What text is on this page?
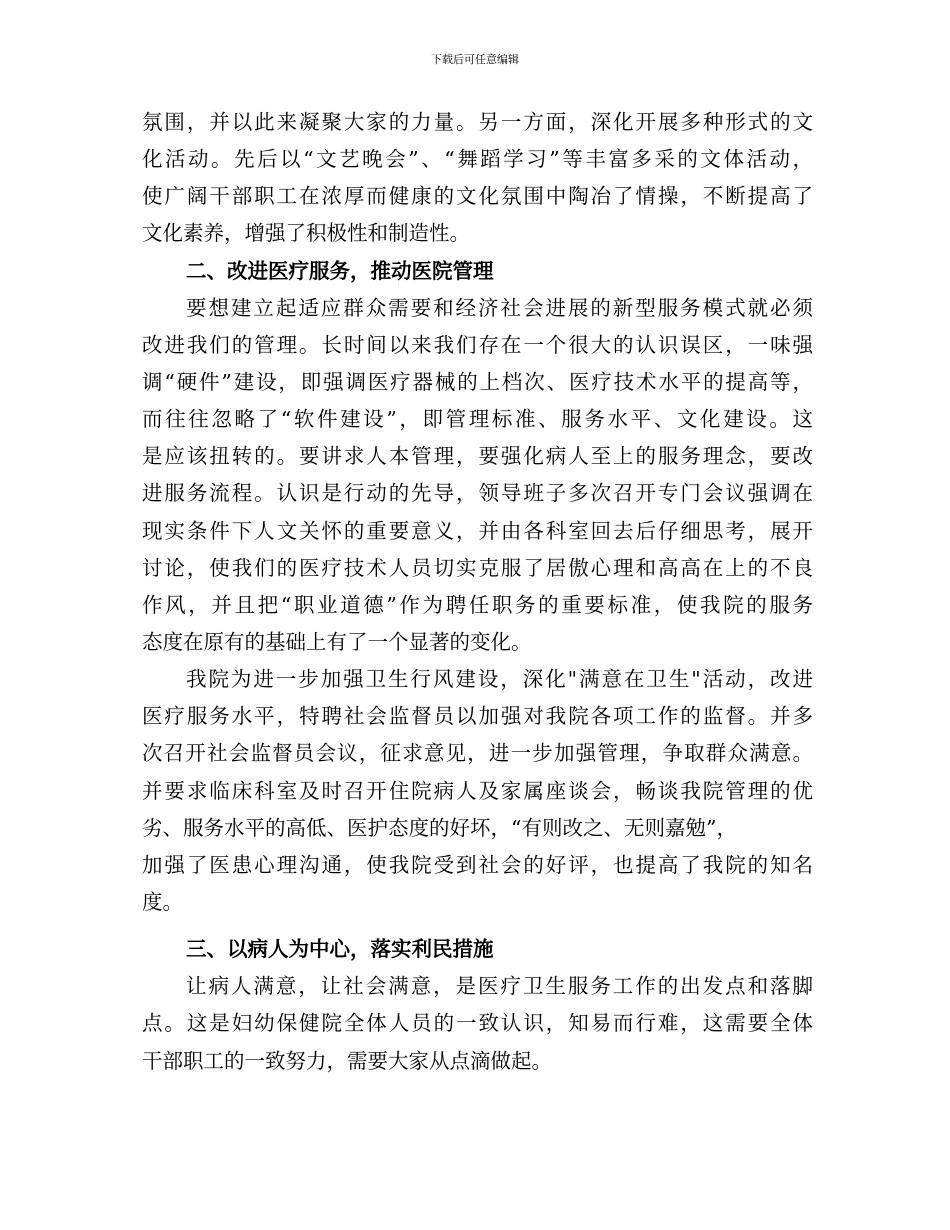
下载后可任意编辑
氛围，并以此来凝聚大家的力量。另一方面，深化开展多种形式的文
化活动。先后以“文艺晚会”、“舞蹈学习”等丰富多采的文体活动，
使广阔干部职工在浓厚而健康的文化氛围中陶冶了情操，不断提高了
文化素养，增强了积极性和制造性。
二、改进医疗服务，推动医院管理
要想建立起适应群众需要和经济社会进展的新型服务模式就必须
改进我们的管理。长时间以来我们存在一个很大的认识误区，一味强
调“硬件”建设，即强调医疗器械的上档次、医疗技术水平的提高等，
而往往忽略了“软件建设”，即管理标准、服务水平、文化建设。这
是应该扭转的。要讲求人本管理，要强化病人至上的服务理念，要改
进服务流程。认识是行动的先导，领导班子多次召开专门会议强调在
现实条件下人文关怀的重要意义，并由各科室回去后仔细思考，展开
讨论，使我们的医疗技术人员切实克服了居傲心理和高高在上的不良
作风，并且把“职业道德”作为聘任职务的重要标准，使我院的服务
态度在原有的基础上有了一个显著的变化。
我院为进一步加强卫生行风建设，深化"满意在卫生"活动，改进
医疗服务水平，特聘社会监督员以加强对我院各项工作的监督。并多
次召开社会监督员会议，征求意见，进一步加强管理，争取群众满意。
并要求临床科室及时召开住院病人及家属座谈会，畅谈我院管理的优
劣、服务水平的高低、医护态度的好坏，“有则改之、无则嘉勉”，
加强了医患心理沟通，使我院受到社会的好评，也提高了我院的知名
度。
三、以病人为中心，落实利民措施
让病人满意，让社会满意，是医疗卫生服务工作的出发点和落脚
点。这是妇幼保健院全体人员的一致认识，知易而行难，这需要全体
干部职工的一致努力，需要大家从点滴做起。
